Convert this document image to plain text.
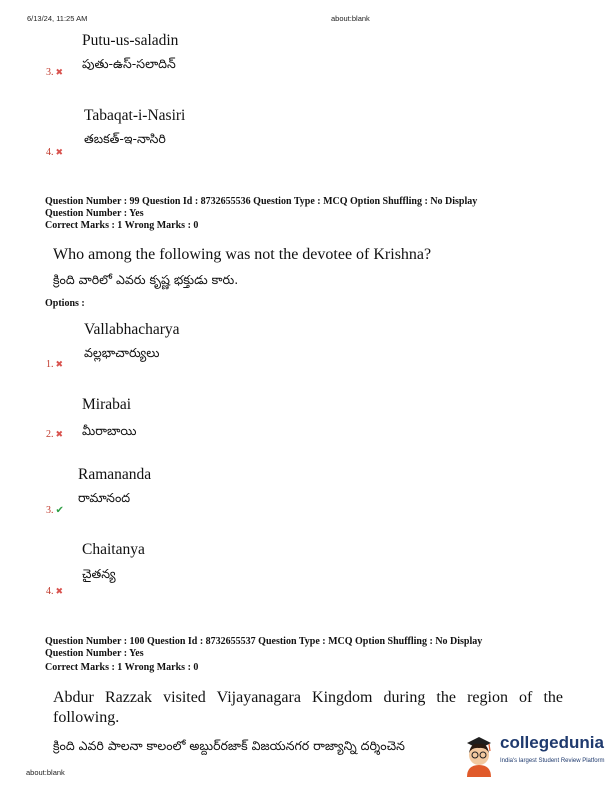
6/13/24, 11:25 AM	about:blank
Putu-us-saladin
పుతు-ఉస్-సలాదిన్
3. ✖
Tabaqat-i-Nasiri
తబకత్-ఇ-నాసిరి
4. ✖
Question Number : 99 Question Id : 8732655536 Question Type : MCQ Option Shuffling : No Display
Question Number : Yes
Correct Marks : 1 Wrong Marks : 0
Who among the following was not the devotee of Krishna?
క్రింది వారిలో ఎవరు కృష్ణ భక్తుడు కారు.
Options :
Vallabhacharya
వల్లభాచార్యులు
1. ✖
Mirabai
మీరాబాయి
2. ✖
Ramananda
రామానంద
3. ✔
Chaitanya
చైతన్య
4. ✖
Question Number : 100 Question Id : 8732655537 Question Type : MCQ Option Shuffling : No Display
Question Number : Yes
Correct Marks : 1 Wrong Marks : 0
Abdur Razzak visited Vijayanagara Kingdom during the region of the following.
క్రింది ఎవరి పాలనా కాలంలో అబ్దుర్‌రజాక్ విజయనగర రాజ్యాన్ని దర్శించెన	collegedunia
India's largest Student Review Platform
about:blank
